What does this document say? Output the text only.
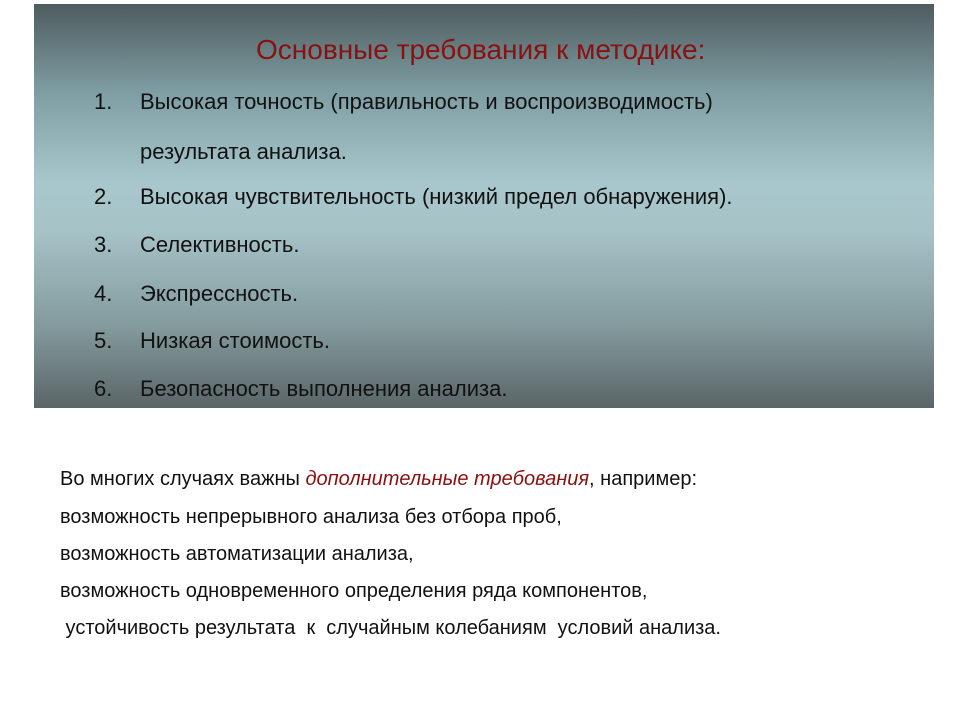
Основные требования к методике:
1.	Высокая точность (правильность и воспроизводимость)
результата анализа.
2.	Высокая чувствительность (низкий предел обнаружения).
3.	Селективность.
4.	Экспрессность.
5.	Низкая стоимость.
6.	Безопасность выполнения анализа.
Во многих случаях важны дополнительные требования, например:
возможность непрерывного анализа без отбора проб,
возможность автоматизации анализа,
возможность одновременного определения ряда компонентов,
устойчивость результата  к  случайным колебаниям  условий анализа.
